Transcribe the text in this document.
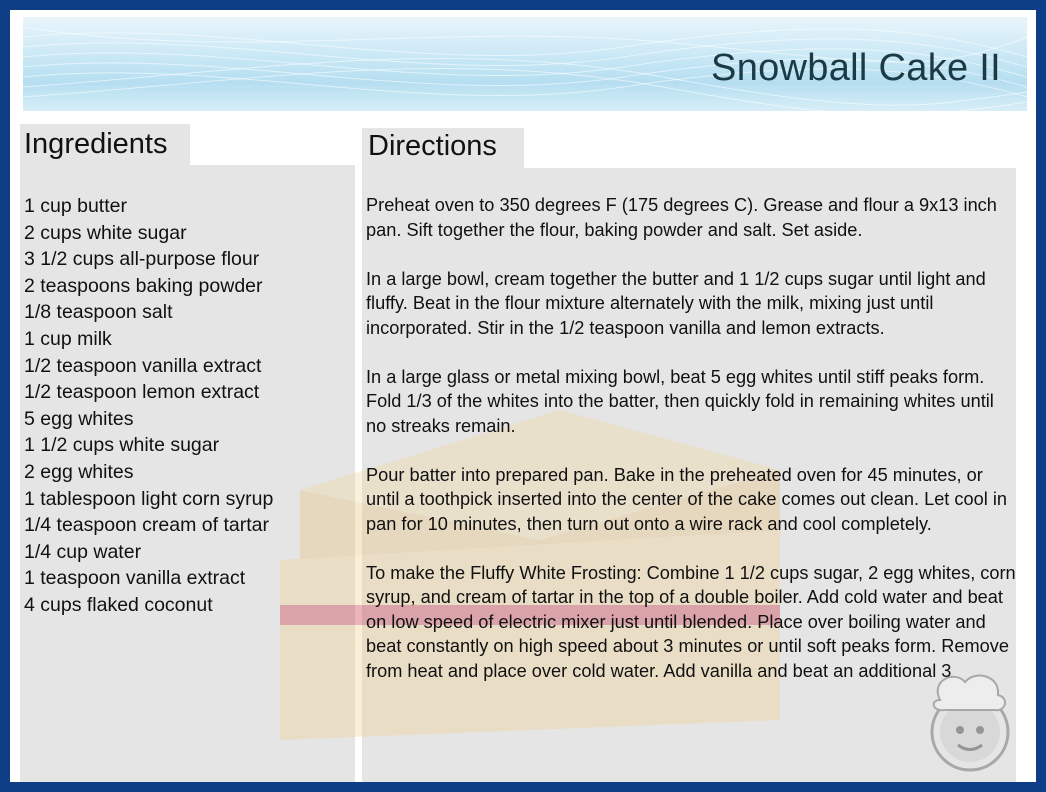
Snowball Cake II
Ingredients	Directions
1 cup butter
2 cups white sugar
3 1/2 cups all-purpose flour
2 teaspoons baking powder
1/8 teaspoon salt
1 cup milk
1/2 teaspoon vanilla extract
1/2 teaspoon lemon extract
5 egg whites
1 1/2 cups white sugar
2 egg whites
1 tablespoon light corn syrup
1/4 teaspoon cream of tartar
1/4 cup water
1 teaspoon vanilla extract
4 cups flaked coconut

Preheat oven to 350 degrees F (175 degrees C). Grease and flour a 9x13 inch pan. Sift together the flour, baking powder and salt. Set aside.

In a large bowl, cream together the butter and 1 1/2 cups sugar until light and fluffy. Beat in the flour mixture alternately with the milk, mixing just until incorporated. Stir in the 1/2 teaspoon vanilla and lemon extracts.

In a large glass or metal mixing bowl, beat 5 egg whites until stiff peaks form. Fold 1/3 of the whites into the batter, then quickly fold in remaining whites until no streaks remain.

Pour batter into prepared pan. Bake in the preheated oven for 45 minutes, or until a toothpick inserted into the center of the cake comes out clean. Let cool in pan for 10 minutes, then turn out onto a wire rack and cool completely.

To make the Fluffy White Frosting: Combine 1 1/2 cups sugar, 2 egg whites, corn syrup, and cream of tartar in the top of a double boiler. Add cold water and beat on low speed of electric mixer just until blended. Place over boiling water and beat constantly on high speed about 3 minutes or until soft peaks form. Remove from heat and place over cold water. Add vanilla and beat an additional 3
